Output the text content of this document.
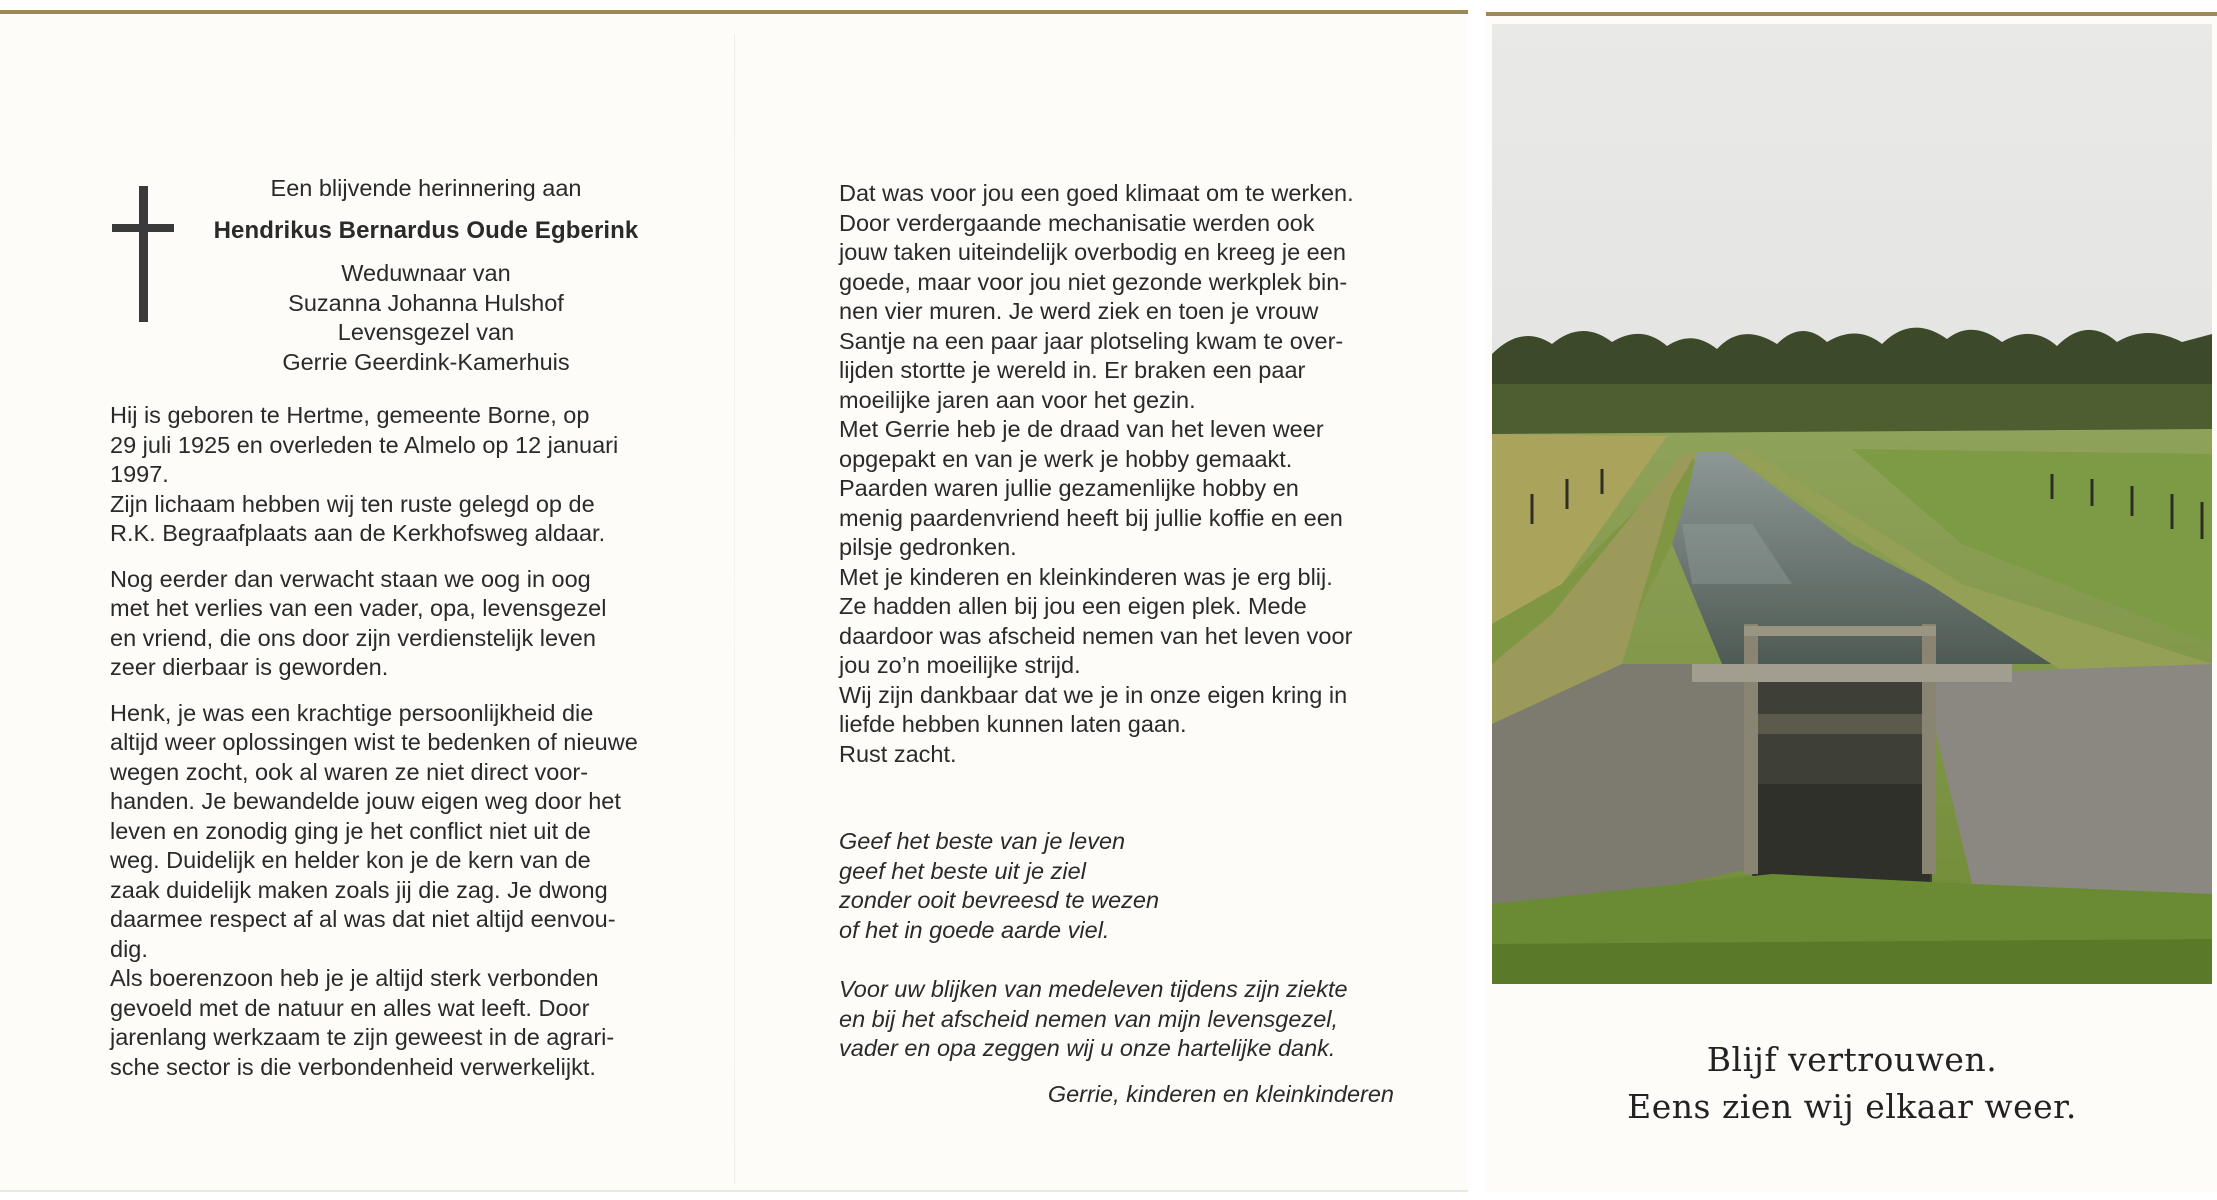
Een blijvende herinnering aan

Hendrikus Bernardus Oude Egberink

Weduwnaar van

Suzanna Johanna Hulshof

Levensgezel van

Gerrie Geerdink-Kamerhuis

Hij is geboren te Hertme, gemeente Borne, op

29 juli 1925 en overleden te Almelo op 12 januari

1997.

Zijn lichaam hebben wij ten ruste gelegd op de

R.K. Begraafplaats aan de Kerkhofsweg aldaar.

Nog eerder dan verwacht staan we oog in oog

met het verlies van een vader, opa, levensgezel

en vriend, die ons door zijn verdienstelijk leven

zeer dierbaar is geworden.

Henk, je was een krachtige persoonlijkheid die

altijd weer oplossingen wist te bedenken of nieuwe

wegen zocht, ook al waren ze niet direct voor-

handen. Je bewandelde jouw eigen weg door het

leven en zonodig ging je het conflict niet uit de

weg. Duidelijk en helder kon je de kern van de

zaak duidelijk maken zoals jij die zag. Je dwong

daarmee respect af al was dat niet altijd eenvou-

dig.

Als boerenzoon heb je je altijd sterk verbonden

gevoeld met de natuur en alles wat leeft. Door

jarenlang werkzaam te zijn geweest in de agrari-

sche sector is die verbondenheid verwerkelijkt.

Dat was voor jou een goed klimaat om te werken.

Door verdergaande mechanisatie werden ook

jouw taken uiteindelijk overbodig en kreeg je een

goede, maar voor jou niet gezonde werkplek bin-

nen vier muren. Je werd ziek en toen je vrouw

Santje na een paar jaar plotseling kwam te over-

lijden stortte je wereld in. Er braken een paar

moeilijke jaren aan voor het gezin.

Met Gerrie heb je de draad van het leven weer

opgepakt en van je werk je hobby gemaakt.

Paarden waren jullie gezamenlijke hobby en

menig paardenvriend heeft bij jullie koffie en een

pilsje gedronken.

Met je kinderen en kleinkinderen was je erg blij.

Ze hadden allen bij jou een eigen plek. Mede

daardoor was afscheid nemen van het leven voor

jou zo’n moeilijke strijd.

Wij zijn dankbaar dat we je in onze eigen kring in

liefde hebben kunnen laten gaan.

Rust zacht.

Geef het beste van je leven

geef het beste uit je ziel

zonder ooit bevreesd te wezen

of het in goede aarde viel.

Voor uw blijken van medeleven tijdens zijn ziekte

en bij het afscheid nemen van mijn levensgezel,

vader en opa zeggen wij u onze hartelijke dank.

Gerrie, kinderen en kleinkinderen

Blijf vertrouwen.
Eens zien wij elkaar weer.
